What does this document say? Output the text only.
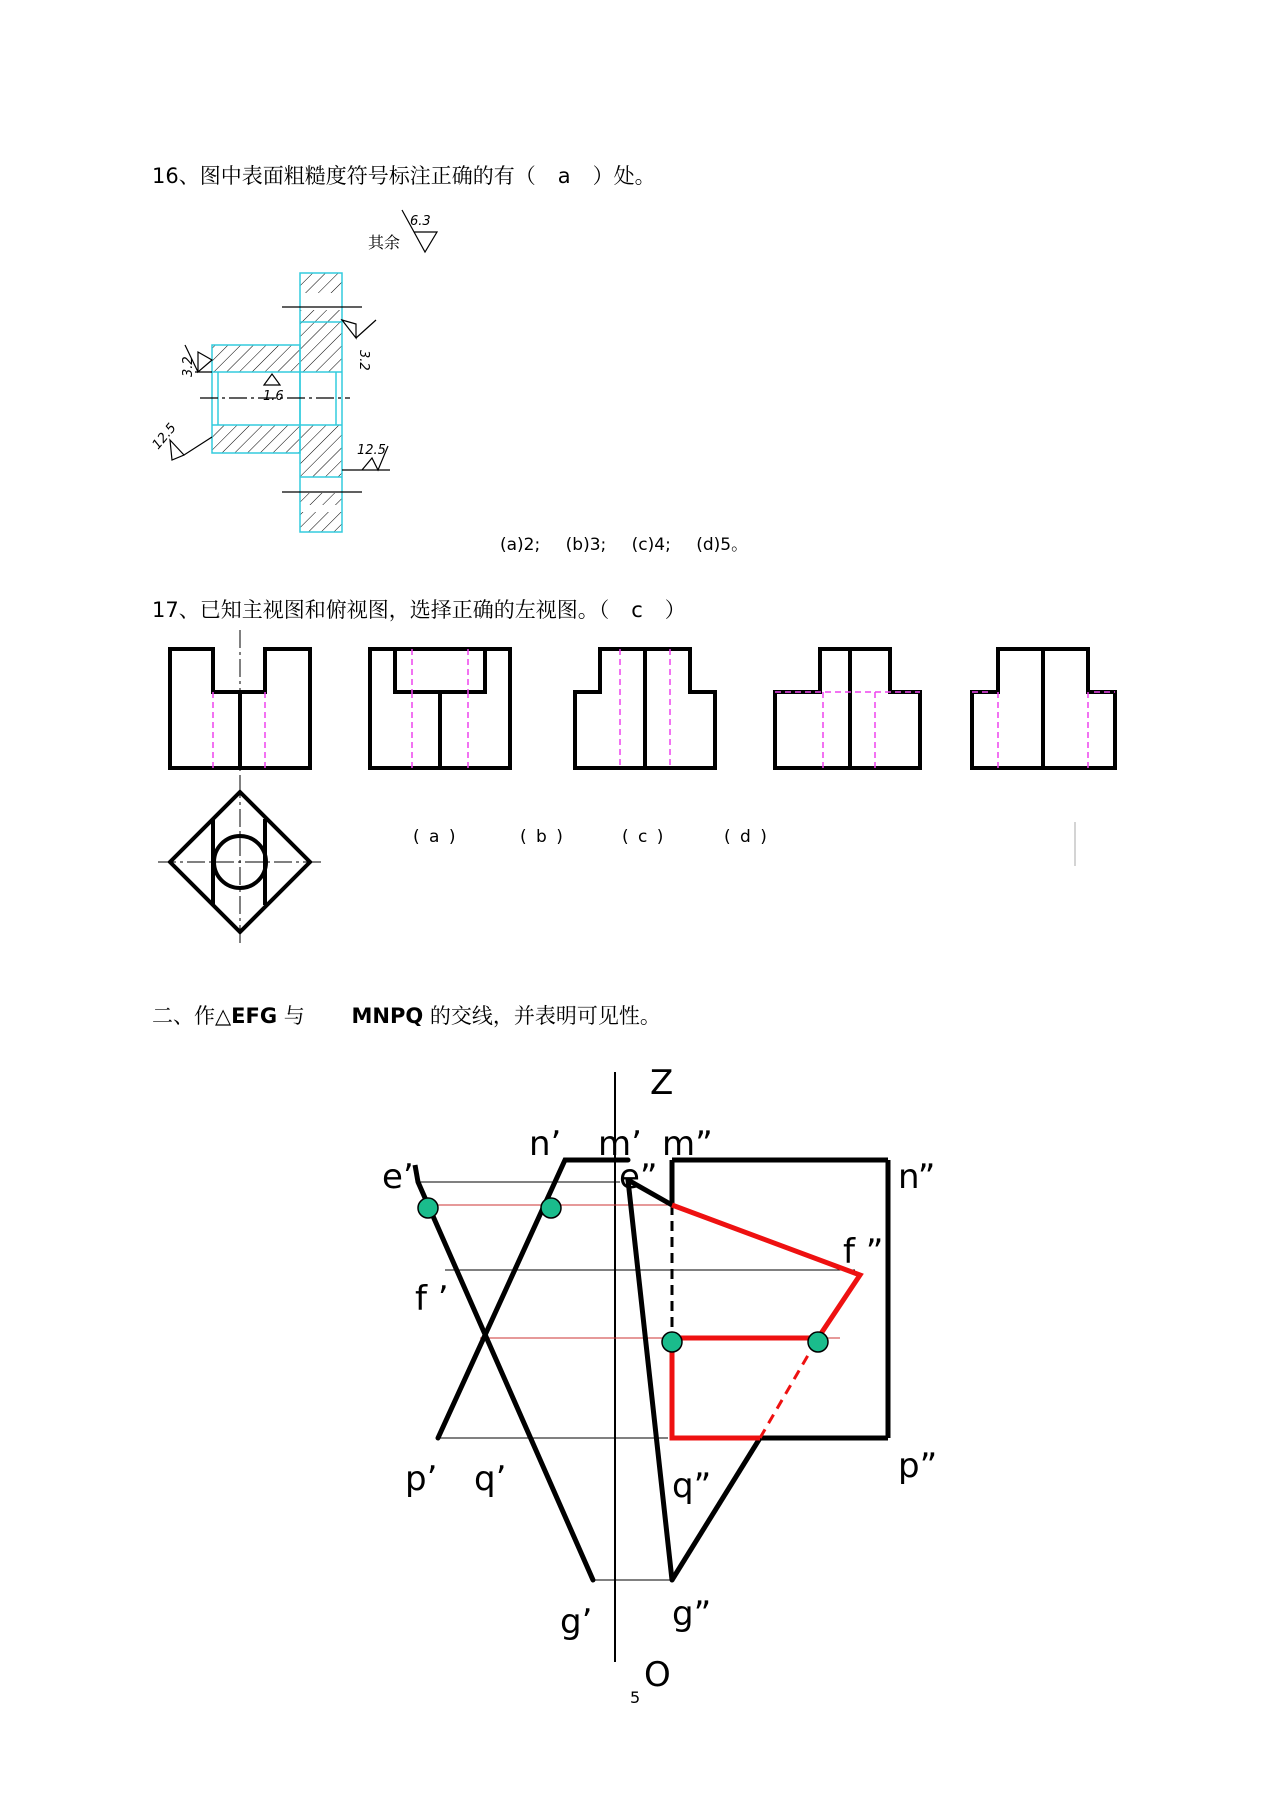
16、图中表面粗糙度符号标注正确的有（ a ）处。
(a)2; (b)3; (c)4; (d)5。
17、已知主视图和俯视图，选择正确的左视图。（ c ）
( a )	( b )	( c )	( d )
二、作△EFG 与 MNPQ 的交线，并表明可见性。
5
其余
6.3
3.2
3.2
1.6
12.5	12.5
Z
O
n’ m’ m”
e’	e”	n”
f ”
f ’
p’ q’	q”	p”
g’ g”
